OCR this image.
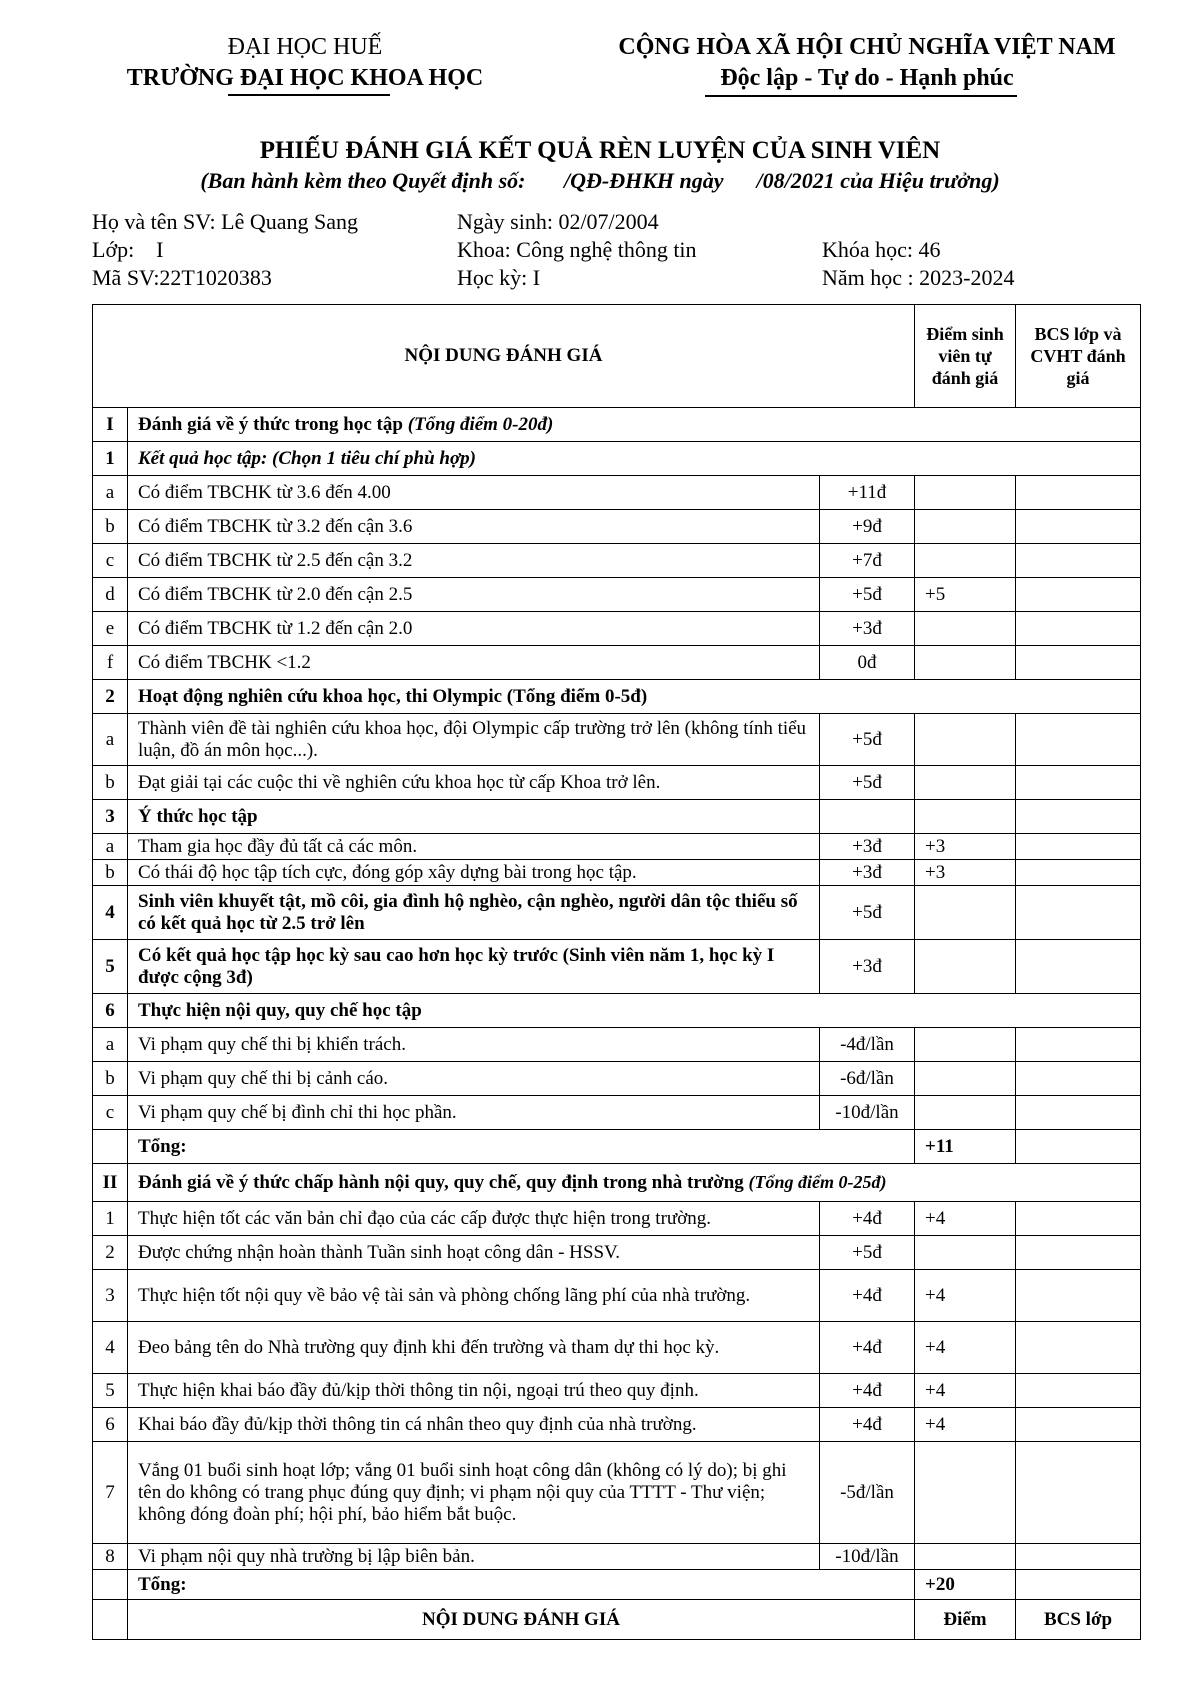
ĐẠI HỌC HUẾ
TRƯỜNG ĐẠI HỌC KHOA HỌC
CỘNG HÒA XÃ HỘI CHỦ NGHĨA VIỆT NAM
Độc lập - Tự do - Hạnh phúc
PHIẾU ĐÁNH GIÁ KẾT QUẢ RÈN LUYỆN CỦA SINH VIÊN
(Ban hành kèm theo Quyết định số:       /QĐ-ĐHKH ngày      /08/2021 của Hiệu trưởng)
Họ và tên SV: Lê Quang Sang	Ngày sinh: 02/07/2004
Lớp:    I	Khoa: Công nghệ thông tin	Khóa học: 46
Mã SV:22T1020383	Học kỳ: I	Năm học : 2023-2024
NỘI DUNG ĐÁNH GIÁ			Điểm sinh viên tự đánh giá	BCS lớp và CVHT đánh giá
I	Đánh giá về ý thức trong học tập (Tổng điểm 0-20đ)			
1	Kết quả học tập: (Chọn 1 tiêu chí phù hợp)			
a	Có điểm TBCHK từ 3.6 đến 4.00	+11đ		
b	Có điểm TBCHK từ 3.2 đến cận 3.6	+9đ		
c	Có điểm TBCHK từ 2.5 đến cận 3.2	+7đ		
d	Có điểm TBCHK từ 2.0 đến cận 2.5	+5đ	+5	
e	Có điểm TBCHK từ 1.2 đến cận 2.0	+3đ		
f	Có điểm TBCHK <1.2	0đ		
2	Hoạt động nghiên cứu khoa học, thi Olympic (Tổng điểm 0-5đ)			
a	Thành viên đề tài nghiên cứu khoa học, đội Olympic cấp trường trở lên (không tính tiểu luận, đồ án môn học...).	+5đ		
b	Đạt giải tại các cuộc thi về nghiên cứu khoa học từ cấp Khoa trở lên.	+5đ		
3	Ý thức học tập			
a	Tham gia học đầy đủ tất cả các môn.	+3đ	+3	
b	Có thái độ học tập tích cực, đóng góp xây dựng bài trong học tập.	+3đ	+3	
4	Sinh viên khuyết tật, mồ côi, gia đình hộ nghèo, cận nghèo, người dân tộc thiểu số có kết quả học từ 2.5 trở lên	+5đ		
5	Có kết quả học tập học kỳ sau cao hơn học kỳ trước (Sinh viên năm 1, học kỳ I được cộng 3đ)	+3đ		
6	Thực hiện nội quy, quy chế học tập			
a	Vi phạm quy chế thi bị khiển trách.	-4đ/lần		
b	Vi phạm quy chế thi bị cảnh cáo.	-6đ/lần		
c	Vi phạm quy chế bị đình chỉ thi học phần.	-10đ/lần		
	Tổng:		+11	
II	Đánh giá về ý thức chấp hành nội quy, quy chế, quy định trong nhà trường (Tổng điểm 0-25đ)			
1	Thực hiện tốt các văn bản chỉ đạo của các cấp được thực hiện trong trường.	+4đ	+4	
2	Được chứng nhận hoàn thành Tuần sinh hoạt công dân - HSSV.	+5đ		
3	Thực hiện tốt nội quy về bảo vệ tài sản và phòng chống lãng phí của nhà trường.	+4đ	+4	
4	Đeo bảng tên do Nhà trường quy định khi đến trường và tham dự thi học kỳ.	+4đ	+4	
5	Thực hiện khai báo đầy đủ/kịp thời thông tin nội, ngoại trú theo quy định.	+4đ	+4	
6	Khai báo đầy đủ/kịp thời thông tin cá nhân theo quy định của nhà trường.	+4đ	+4	
7	Vắng 01 buổi sinh hoạt lớp; vắng 01 buổi sinh hoạt công dân (không có lý do); bị ghi tên do không có trang phục đúng quy định; vi phạm nội quy của TTTT - Thư viện; không đóng đoàn phí; hội phí, bảo hiểm bắt buộc.	-5đ/lần		
8	Vi phạm nội quy nhà trường bị lập biên bản.	-10đ/lần		
	Tổng:		+20	
	NỘI DUNG ĐÁNH GIÁ		Điểm	BCS lớp
